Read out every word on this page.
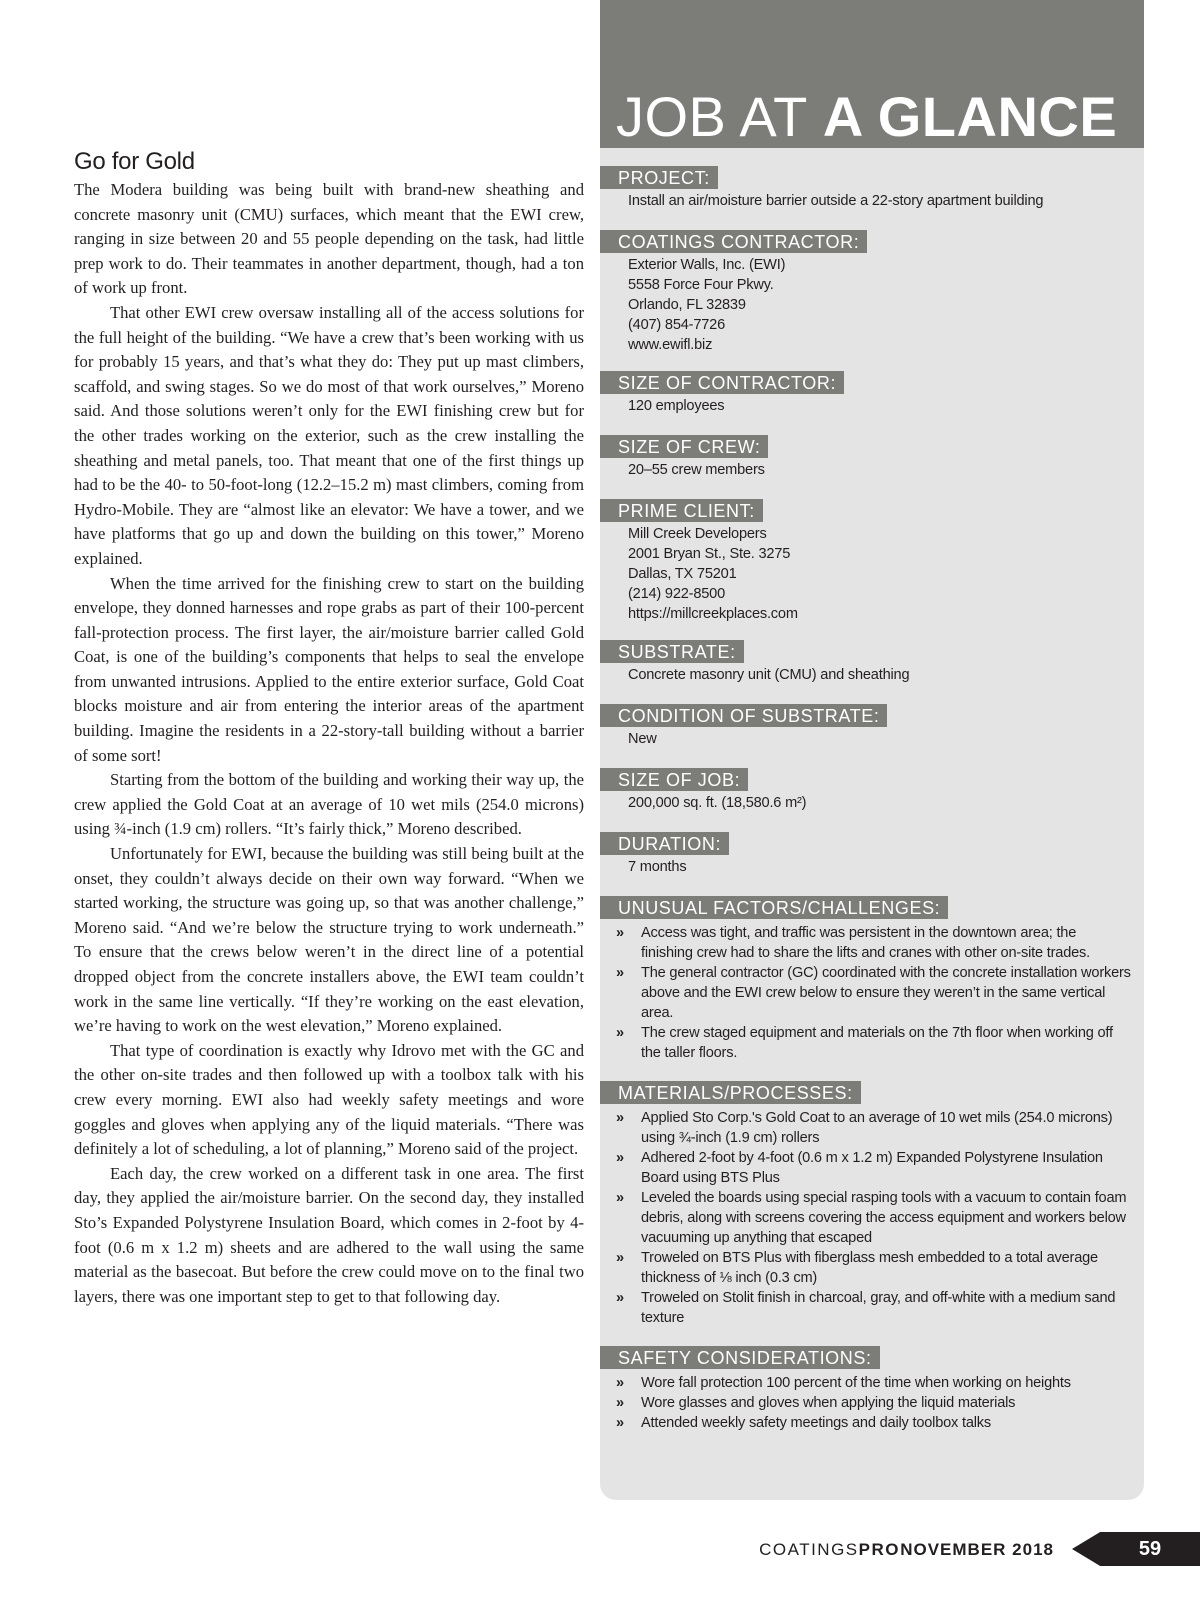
Go for Gold

The Modera building was being built with brand-new sheathing and concrete masonry unit (CMU) surfaces, which meant that the EWI crew, ranging in size between 20 and 55 people depending on the task, had little prep work to do. Their teammates in another department, though, had a ton of work up front.

That other EWI crew oversaw installing all of the access solutions for the full height of the building. “We have a crew that’s been working with us for probably 15 years, and that’s what they do: They put up mast climbers, scaffold, and swing stages. So we do most of that work ourselves,” Moreno said. And those solutions weren’t only for the EWI finishing crew but for the other trades working on the exterior, such as the crew installing the sheathing and metal panels, too. That meant that one of the first things up had to be the 40- to 50-foot-long (12.2–15.2 m) mast climbers, coming from Hydro-Mobile. They are “almost like an elevator: We have a tower, and we have platforms that go up and down the building on this tower,” Moreno explained.

When the time arrived for the finishing crew to start on the building envelope, they donned harnesses and rope grabs as part of their 100-percent fall-protection process. The first layer, the air/moisture barrier called Gold Coat, is one of the building’s components that helps to seal the envelope from unwanted intrusions. Applied to the entire exterior surface, Gold Coat blocks moisture and air from entering the interior areas of the apartment building. Imagine the residents in a 22-story-tall building without a barrier of some sort!

Starting from the bottom of the building and working their way up, the crew applied the Gold Coat at an average of 10 wet mils (254.0 microns) using ¾-inch (1.9 cm) rollers. “It’s fairly thick,” Moreno described.

Unfortunately for EWI, because the building was still being built at the onset, they couldn’t always decide on their own way forward. “When we started working, the structure was going up, so that was another challenge,” Moreno said. “And we’re below the structure trying to work underneath.” To ensure that the crews below weren’t in the direct line of a potential dropped object from the concrete installers above, the EWI team couldn’t work in the same line vertically. “If they’re working on the east elevation, we’re having to work on the west elevation,” Moreno explained.

That type of coordination is exactly why Idrovo met with the GC and the other on-site trades and then followed up with a toolbox talk with his crew every morning. EWI also had weekly safety meetings and wore goggles and gloves when applying any of the liquid materials. “There was definitely a lot of scheduling, a lot of planning,” Moreno said of the project.

Each day, the crew worked on a different task in one area. The first day, they applied the air/moisture barrier. On the second day, they installed Sto’s Expanded Polystyrene Insulation Board, which comes in 2-foot by 4-foot (0.6 m x 1.2 m) sheets and are adhered to the wall using the same material as the basecoat. But before the crew could move on to the final two layers, there was one important step to get to that following day.

JOB AT A GLANCE
PROJECT:
Install an air/moisture barrier outside a 22-story apartment building
COATINGS CONTRACTOR:
Exterior Walls, Inc. (EWI)
5558 Force Four Pkwy.
Orlando, FL 32839
(407) 854-7726
www.ewifl.biz
SIZE OF CONTRACTOR:
120 employees
SIZE OF CREW:
20–55 crew members
PRIME CLIENT:
Mill Creek Developers
2001 Bryan St., Ste. 3275
Dallas, TX 75201
(214) 922-8500
https://millcreekplaces.com
SUBSTRATE:
Concrete masonry unit (CMU) and sheathing
CONDITION OF SUBSTRATE:
New
SIZE OF JOB:
200,000 sq. ft. (18,580.6 m²)
DURATION:
7 months
UNUSUAL FACTORS/CHALLENGES:
» Access was tight, and traffic was persistent in the downtown area; the finishing crew had to share the lifts and cranes with other on-site trades.
» The general contractor (GC) coordinated with the concrete installation workers above and the EWI crew below to ensure they weren’t in the same vertical area.
» The crew staged equipment and materials on the 7th floor when working off the taller floors.
MATERIALS/PROCESSES:
» Applied Sto Corp.'s Gold Coat to an average of 10 wet mils (254.0 microns) using ¾-inch (1.9 cm) rollers
» Adhered 2-foot by 4-foot (0.6 m x 1.2 m) Expanded Polystyrene Insulation Board using BTS Plus
» Leveled the boards using special rasping tools with a vacuum to contain foam debris, along with screens covering the access equipment and workers below vacuuming up anything that escaped
» Troweled on BTS Plus with fiberglass mesh embedded to a total average thickness of ⅛ inch (0.3 cm)
» Troweled on Stolit finish in charcoal, gray, and off-white with a medium sand texture
SAFETY CONSIDERATIONS:
» Wore fall protection 100 percent of the time when working on heights
» Wore glasses and gloves when applying the liquid materials
» Attended weekly safety meetings and daily toolbox talks
COATINGSPRO NOVEMBER 2018	59
